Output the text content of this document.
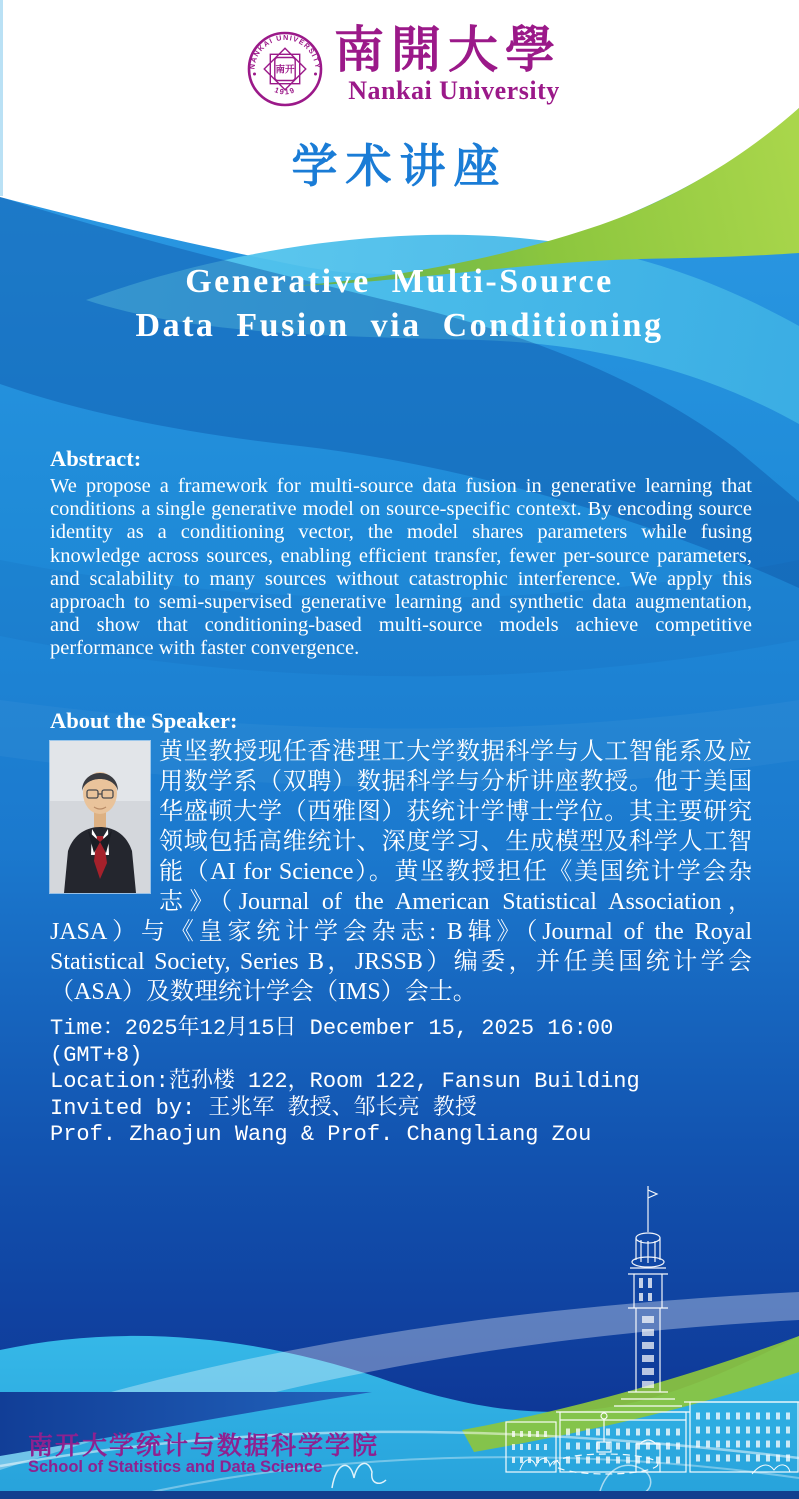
NANKAI UNIVERSITY
1919
南开 南開大學
Nankai University
学术讲座
Generative Multi-Source
Data Fusion via Conditioning
Abstract:
We propose a framework for multi-source data fusion in generative learning that conditions a single generative model on source-specific context. By encoding source identity as a conditioning vector, the model shares parameters while fusing knowledge across sources, enabling efficient transfer, fewer per-source parameters, and scalability to many sources without catastrophic interference. We apply this approach to semi-supervised generative learning and synthetic data augmentation, and show that conditioning-based multi-source models achieve competitive performance with faster convergence.
About the Speaker:
黄坚教授现任香港理工大学数据科学与人工智能系及应用数学系（双聘）数据科学与分析讲座教授。他于美国华盛顿大学（西雅图）获统计学博士学位。其主要研究领域包括高维统计、深度学习、生成模型及科学人工智能（AI for Science）。黄坚教授担任《美国统计学会杂志》（Journal of the American Statistical Association，JASA）与《皇家统计学会杂志: B辑》（Journal of the Royal Statistical Society, Series B，JRSSB）编委，并任美国统计学会（ASA）及数理统计学会（IMS）会士。
Time：2025年12月15日 December 15, 2025 16:00
(GMT+8)
Location:范孙楼 122，Room 122, Fansun Building
Invited by: 王兆军 教授、邹长亮 教授
Prof. Zhaojun Wang & Prof. Changliang Zou
南开大学统计与数据科学学院
School of Statistics and Data Science
